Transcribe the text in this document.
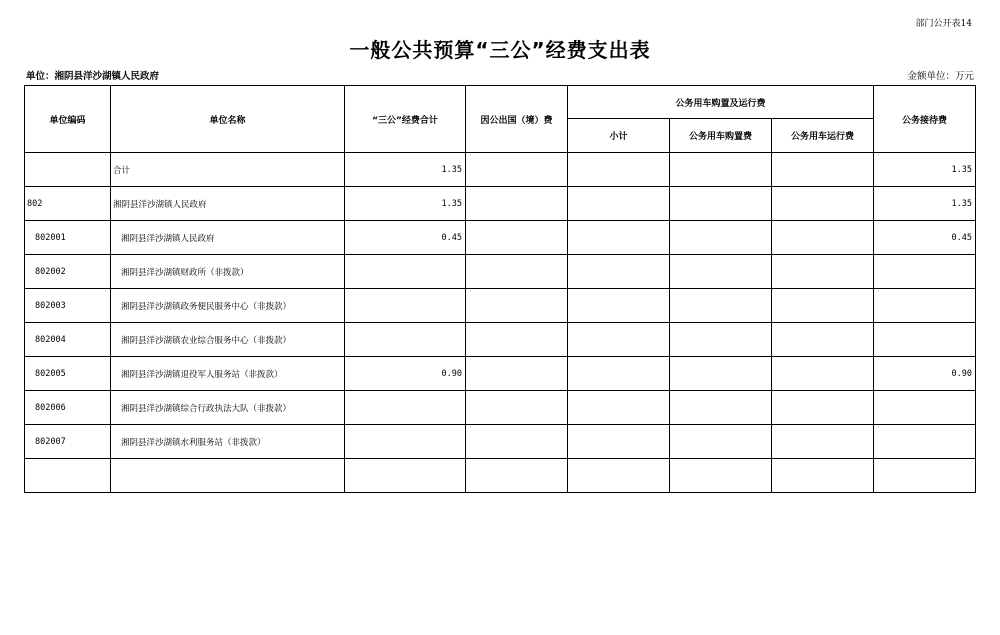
部门公开表14
一般公共预算“三公”经费支出表
单位：湘阴县洋沙湖镇人民政府	金额单位：万元
单位编码	单位名称	“三公”经费合计	因公出国（境）费	公务用车购置及运行费			公务接待费
				小计	公务用车购置费	公务用车运行费	
	合计	1.35					1.35
802	湘阴县洋沙湖镇人民政府	1.35					1.35
802001	湘阴县洋沙湖镇人民政府	0.45					0.45
802002	湘阴县洋沙湖镇财政所（非拨款）						
802003	湘阴县洋沙湖镇政务便民服务中心（非拨款）						
802004	湘阴县洋沙湖镇农业综合服务中心（非拨款）						
802005	湘阴县洋沙湖镇退役军人服务站（非拨款）	0.90					0.90
802006	湘阴县洋沙湖镇综合行政执法大队（非拨款）						
802007	湘阴县洋沙湖镇水利服务站（非拨款）						
